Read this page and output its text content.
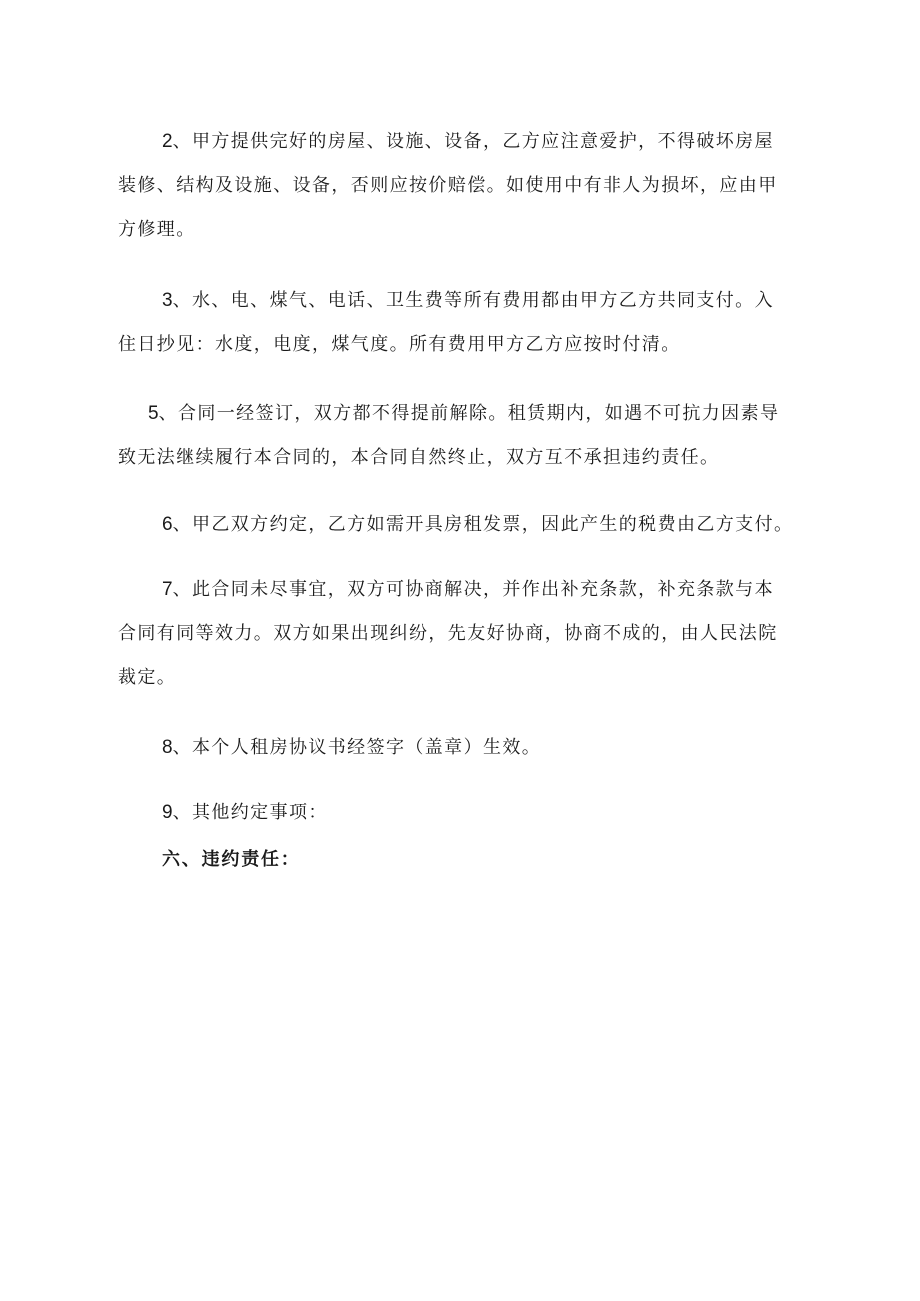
2、甲方提供完好的房屋、设施、设备，乙方应注意爱护，不得破坏房屋
装修、结构及设施、设备，否则应按价赔偿。如使用中有非人为损坏，应由甲
方修理。
3、水、电、煤气、电话、卫生费等所有费用都由甲方乙方共同支付。入
住日抄见：水度，电度，煤气度。所有费用甲方乙方应按时付清。
5、合同一经签订，双方都不得提前解除。租赁期内，如遇不可抗力因素导
致无法继续履行本合同的，本合同自然终止，双方互不承担违约责任。
6、甲乙双方约定，乙方如需开具房租发票，因此产生的税费由乙方支付。
7、此合同未尽事宜，双方可协商解决，并作出补充条款，补充条款与本
合同有同等效力。双方如果出现纠纷，先友好协商，协商不成的，由人民法院
裁定。
8、本个人租房协议书经签字（盖章）生效。
9、其他约定事项：
六、违约责任：
